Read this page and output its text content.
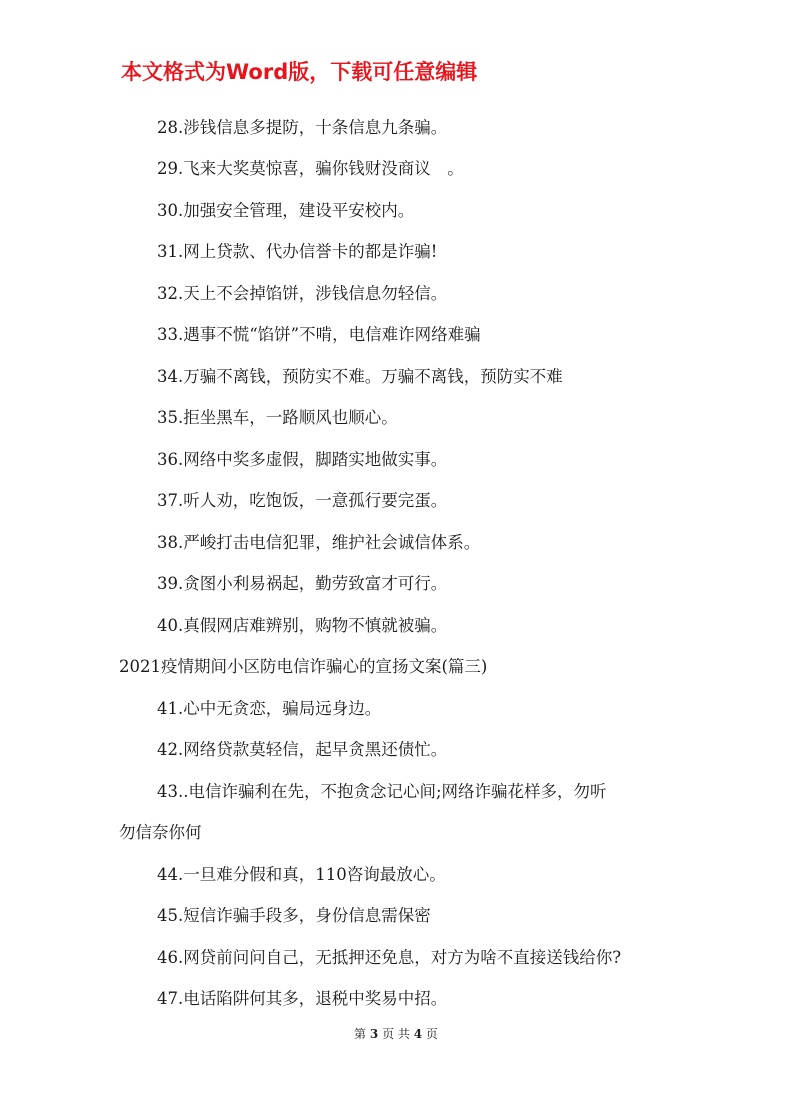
本文格式为Word版，下载可任意编辑
28.涉钱信息多提防，十条信息九条骗。
29.飞来大奖莫惊喜，骗你钱财没商议　。
30.加强安全管理，建设平安校内。
31.网上贷款、代办信誉卡的都是诈骗!
32.天上不会掉馅饼，涉钱信息勿轻信。
33.遇事不慌“馅饼”不啃，电信难诈网络难骗
34.万骗不离钱，预防实不难。万骗不离钱，预防实不难
35.拒坐黑车，一路顺风也顺心。
36.网络中奖多虚假，脚踏实地做实事。
37.听人劝，吃饱饭，一意孤行要完蛋。
38.严峻打击电信犯罪，维护社会诚信体系。
39.贪图小利易祸起，勤劳致富才可行。
40.真假网店难辨别，购物不慎就被骗。
2021疫情期间小区防电信诈骗心的宣扬文案(篇三)
41.心中无贪恋，骗局远身边。
42.网络贷款莫轻信，起早贪黑还债忙。
43..电信诈骗利在先，不抱贪念记心间;网络诈骗花样多，勿听
勿信奈你何
44.一旦难分假和真，110咨询最放心。
45.短信诈骗手段多，身份信息需保密
46.网贷前问问自己，无抵押还免息，对方为啥不直接送钱给你?
47.电话陷阱何其多，退税中奖易中招。
第 3 页 共 4 页
